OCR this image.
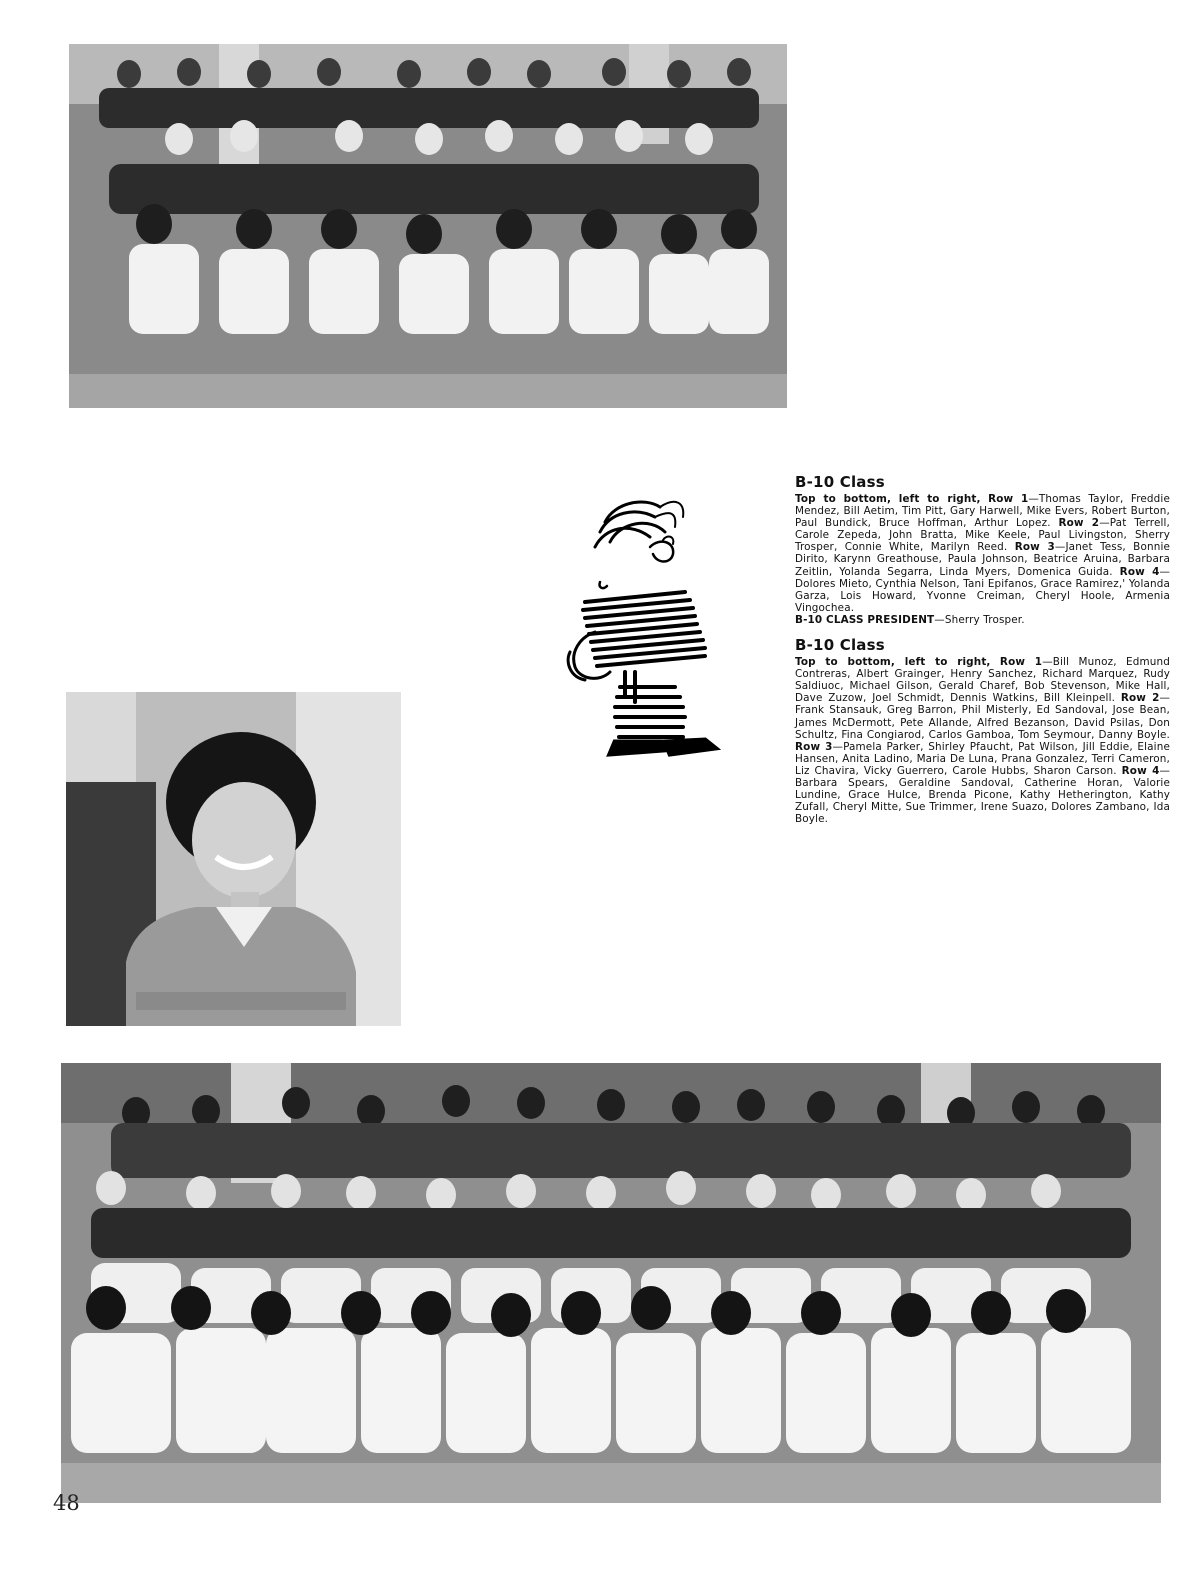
B-10 Class

Top to bottom, left to right, Row 1—Thomas Taylor, Freddie Mendez, Bill Aetim, Tim Pitt, Gary Harwell, Mike Evers, Robert Burton, Paul Bundick, Bruce Hoffman, Arthur Lopez. Row 2—Pat Terrell, Carole Zepeda, John Bratta, Mike Keele, Paul Livingston, Sherry Trosper, Connie White, Marilyn Reed. Row 3—Janet Tess, Bonnie Dirito, Karynn Greathouse, Paula Johnson, Beatrice Aruina, Barbara Zeitlin, Yolanda Segarra, Linda Myers, Domenica Guida. Row 4—Dolores Mieto, Cynthia Nelson, Tani Epifanos, Grace Ramirez,' Yolanda Garza, Lois Howard, Yvonne Creiman, Cheryl Hoole, Armenia Vingochea.

B-10 CLASS PRESIDENT—Sherry Trosper.

B-10 Class

Top to bottom, left to right, Row 1—Bill Munoz, Edmund Contreras, Albert Grainger, Henry Sanchez, Richard Marquez, Rudy Saldiuoc, Michael Gilson, Gerald Charef, Bob Stevenson, Mike Hall, Dave Zuzow, Joel Schmidt, Dennis Watkins, Bill Kleinpell. Row 2—Frank Stansauk, Greg Barron, Phil Misterly, Ed Sandoval, Jose Bean, James McDermott, Pete Allande, Alfred Bezanson, David Psilas, Don Schultz, Fina Congiarod, Carlos Gamboa, Tom Seymour, Danny Boyle. Row 3—Pamela Parker, Shirley Pfaucht, Pat Wilson, Jill Eddie, Elaine Hansen, Anita Ladino, Maria De Luna, Prana Gonzalez, Terri Cameron, Liz Chavira, Vicky Guerrero, Carole Hubbs, Sharon Carson. Row 4—Barbara Spears, Geraldine Sandoval, Catherine Horan, Valorie Lundine, Grace Hulce, Brenda Picone, Kathy Hetherington, Kathy Zufall, Cheryl Mitte, Sue Trimmer, Irene Suazo, Dolores Zambano, Ida Boyle.

48
